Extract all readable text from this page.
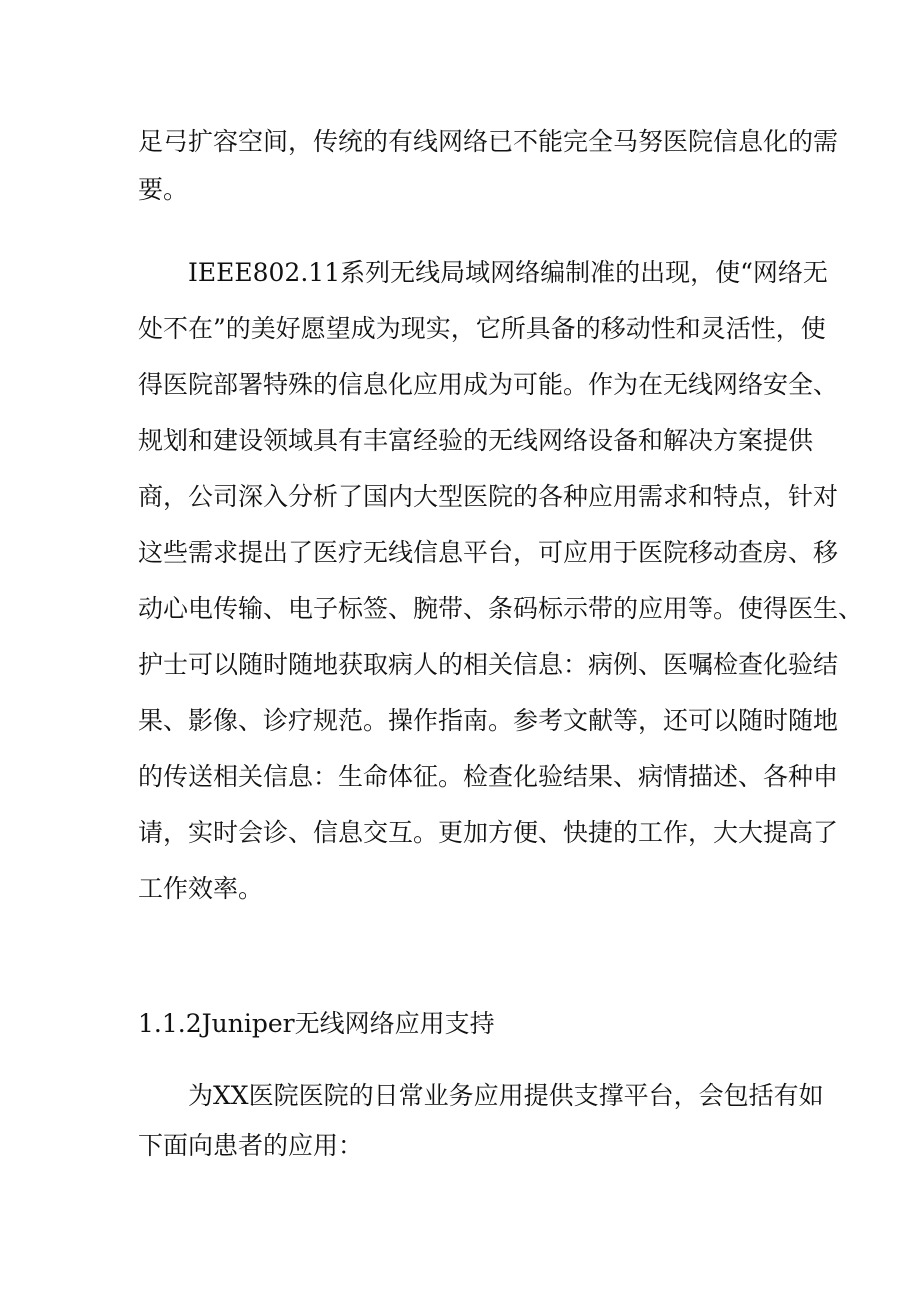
足弓扩容空间，传统的有线网络已不能完全马努医院信息化的需
要。
IEEE802.11系列无线局域网络编制准的出现，使“网络无
处不在”的美好愿望成为现实，它所具备的移动性和灵活性，使
得医院部署特殊的信息化应用成为可能。作为在无线网络安全、
规划和建设领域具有丰富经验的无线网络设备和解决方案提供
商，公司深入分析了国内大型医院的各种应用需求和特点，针对
这些需求提出了医疗无线信息平台，可应用于医院移动查房、移
动心电传输、电子标签、腕带、条码标示带的应用等。使得医生、
护士可以随时随地获取病人的相关信息：病例、医嘱检查化验结
果、影像、诊疗规范。操作指南。参考文献等，还可以随时随地
的传送相关信息：生命体征。检查化验结果、病情描述、各种申
请，实时会诊、信息交互。更加方便、快捷的工作，大大提高了
工作效率。
1.1.2Juniper无线网络应用支持
为XX医院医院的日常业务应用提供支撑平台，会包括有如
下面向患者的应用：
